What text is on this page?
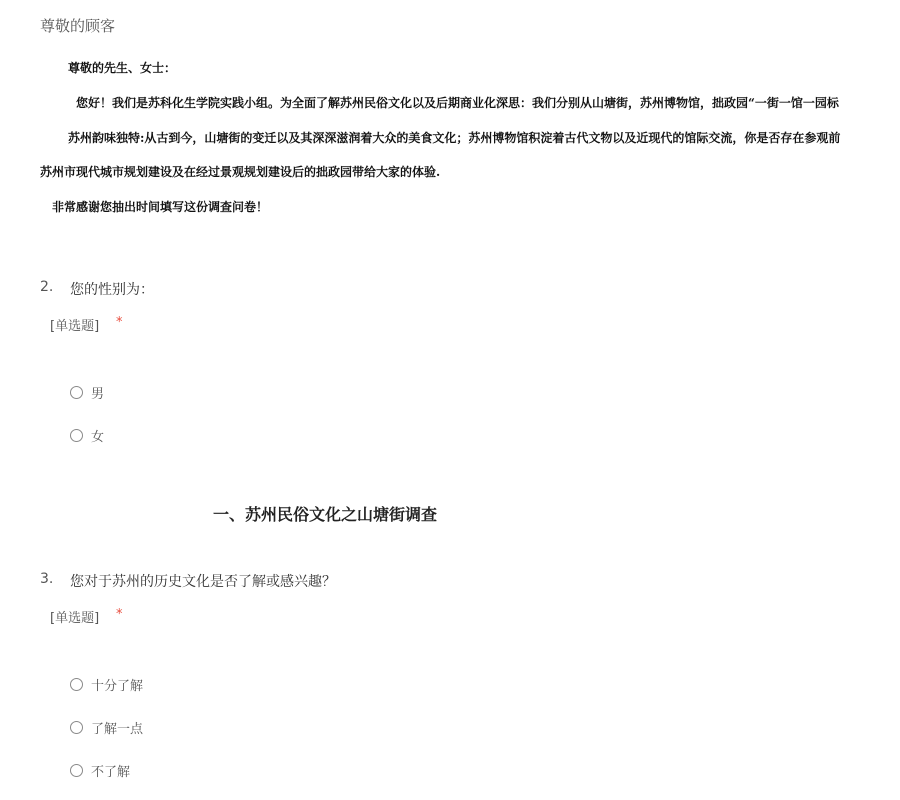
尊敬的顾客

尊敬的先生、女士：

您好！我们是苏科化生学院实践小组。为全面了解苏州民俗文化以及后期商业化深思：我们分别从山塘街，苏州博物馆，拙政园“一街一馆一园标

苏州韵味独特:从古到今，山塘街的变迁以及其深深滋润着大众的美食文化；苏州博物馆积淀着古代文物以及近现代的馆际交流，你是否存在参观前

苏州市现代城市规划建设及在经过景观规划建设后的拙政园带给大家的体验.

非常感谢您抽出时间填写这份调查问卷！

2. 您的性别为：
[单选题] *
男
女
一、苏州民俗文化之山塘街调查
3. 您对于苏州的历史文化是否了解或感兴趣？
[单选题] *
十分了解
了解一点
不了解
